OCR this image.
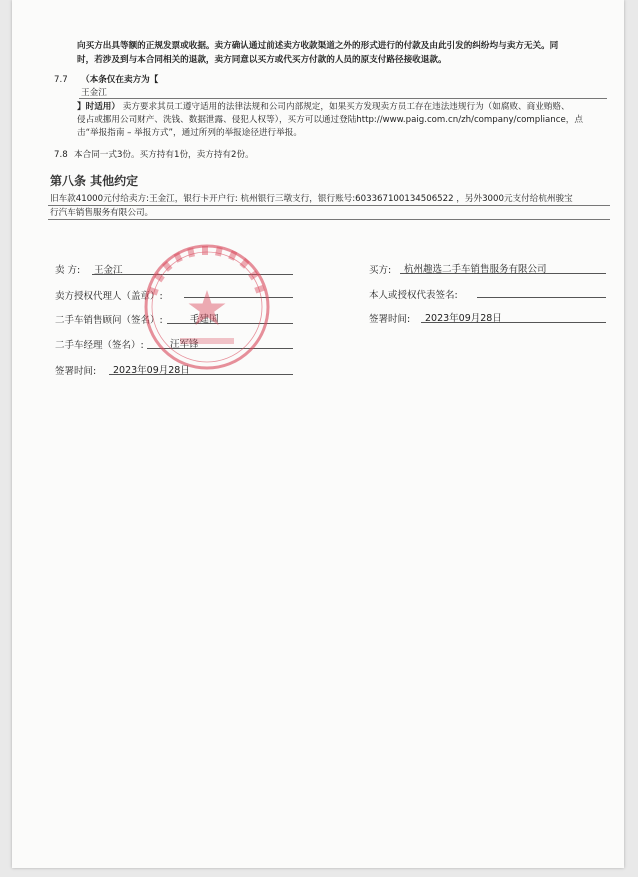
向买方出具等额的正规发票或收据。卖方确认通过前述卖方收款渠道之外的形式进行的付款及由此引发的纠纷均与卖方无关。同
时，若涉及到与本合同相关的退款，卖方同意以买方或代买方付款的人员的原支付路径接收退款。
7.7 （本条仅在卖方为【
王金江
】时适用） 卖方要求其员工遵守适用的法律法规和公司内部规定，如果买方发现卖方员工存在违法违规行为（如腐败、商业贿赂、
侵占或挪用公司财产、洗钱、数据泄露、侵犯人权等），买方可以通过登陆http://www.paig.com.cn/zh/company/compliance，点
击“举报指南 – 举报方式”，通过所列的举报途径进行举报。
7.8 本合同一式3份。买方持有1份，卖方持有2份。
第八条 其他约定
旧车款41000元付给卖方:王金江，银行卡开户行: 杭州银行三墩支行，银行账号:603367100134506522 ，另外3000元支付给杭州骏宝
行汽车销售服务有限公司。
卖 方: 王金江
卖方授权代理人（盖章）:
二手车销售顾问（签名）:	毛建国
二手车经理（签名）:	汪军锋
签署时间: 2023年09月28日
买方: 杭州趣选二手车销售服务有限公司
本人或授权代表签名:
签署时间: 2023年09月28日
